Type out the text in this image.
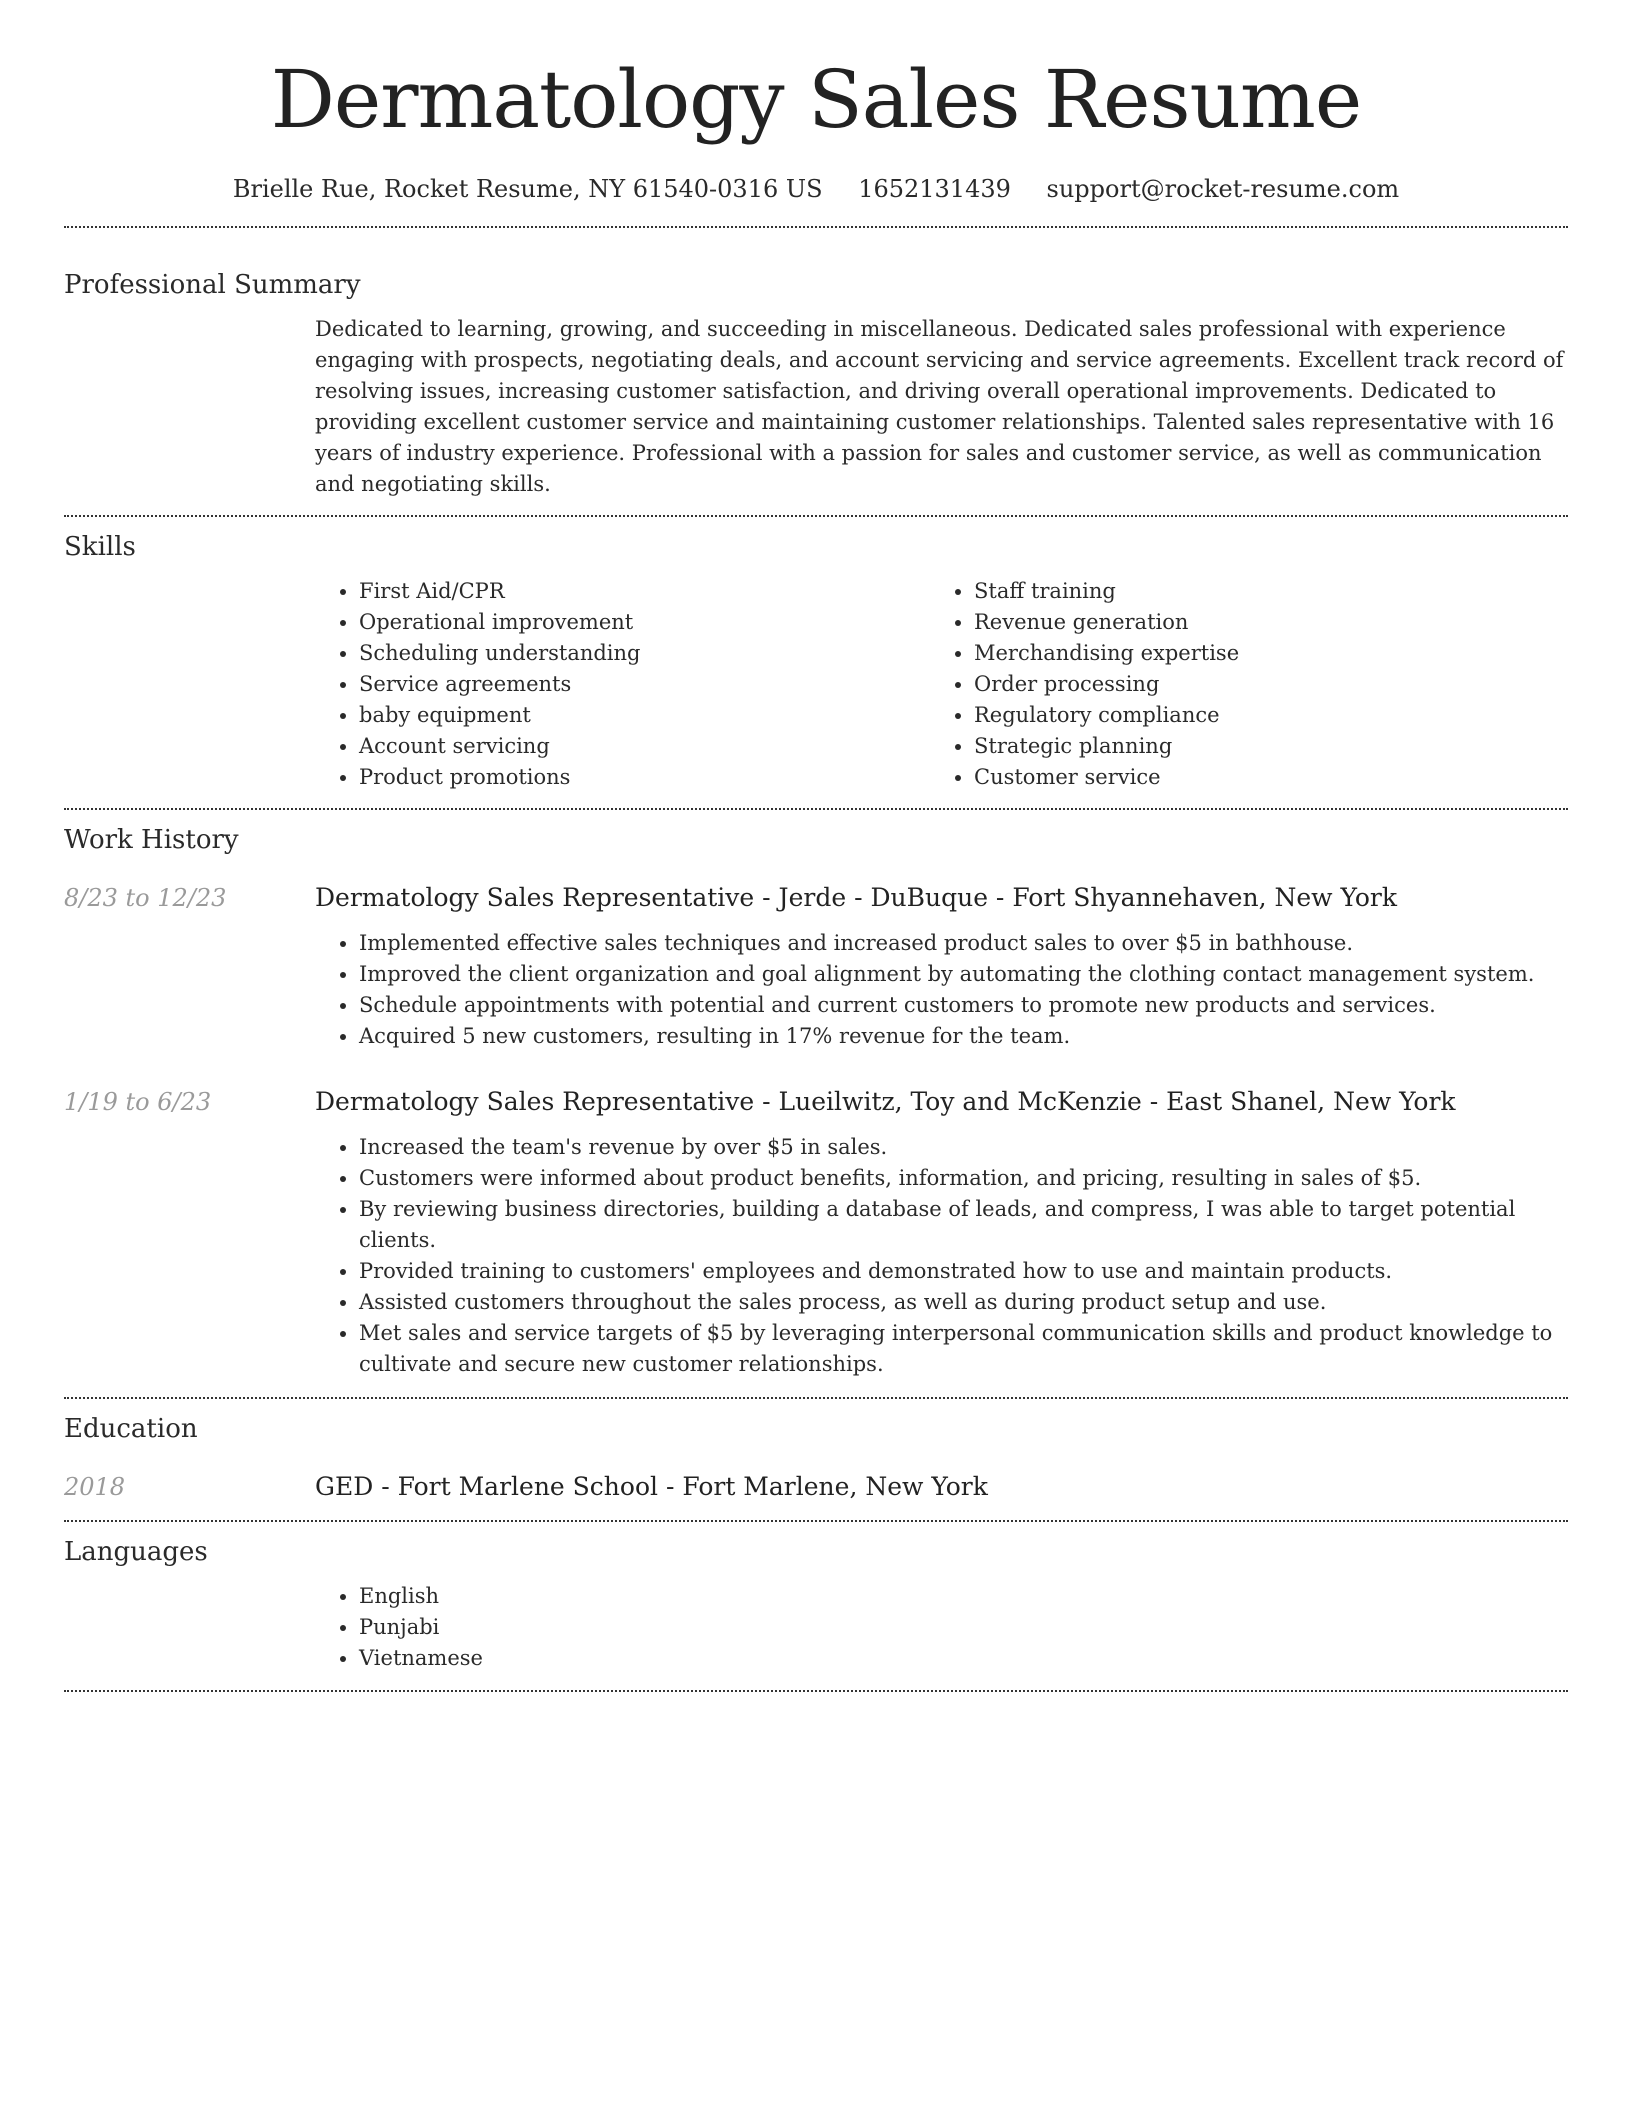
Dermatology Sales Resume
Brielle Rue, Rocket Resume, NY 61540-0316 US 1652131439 support@rocket-resume.com
Professional Summary
Dedicated to learning, growing, and succeeding in miscellaneous. Dedicated sales professional with experience engaging with prospects, negotiating deals, and account servicing and service agreements. Excellent track record of resolving issues, increasing customer satisfaction, and driving overall operational improvements. Dedicated to providing excellent customer service and maintaining customer relationships. Talented sales representative with 16 years of industry experience. Professional with a passion for sales and customer service, as well as communication and negotiating skills.
Skills
• First Aid/CPR
• Operational improvement
• Scheduling understanding
• Service agreements
• baby equipment
• Account servicing
• Product promotions
• Staff training
• Revenue generation
• Merchandising expertise
• Order processing
• Regulatory compliance
• Strategic planning
• Customer service
Work History
8/23 to 12/23	Dermatology Sales Representative - Jerde - DuBuque - Fort Shyannehaven, New York
• Implemented effective sales techniques and increased product sales to over $5 in bathhouse.
• Improved the client organization and goal alignment by automating the clothing contact management system.
• Schedule appointments with potential and current customers to promote new products and services.
• Acquired 5 new customers, resulting in 17% revenue for the team.
1/19 to 6/23	Dermatology Sales Representative - Lueilwitz, Toy and McKenzie - East Shanel, New York
• Increased the team's revenue by over $5 in sales.
• Customers were informed about product benefits, information, and pricing, resulting in sales of $5.
• By reviewing business directories, building a database of leads, and compress, I was able to target potential clients.
• Provided training to customers' employees and demonstrated how to use and maintain products.
• Assisted customers throughout the sales process, as well as during product setup and use.
• Met sales and service targets of $5 by leveraging interpersonal communication skills and product knowledge to cultivate and secure new customer relationships.
Education
2018	GED - Fort Marlene School - Fort Marlene, New York
Languages
• English
• Punjabi
• Vietnamese
